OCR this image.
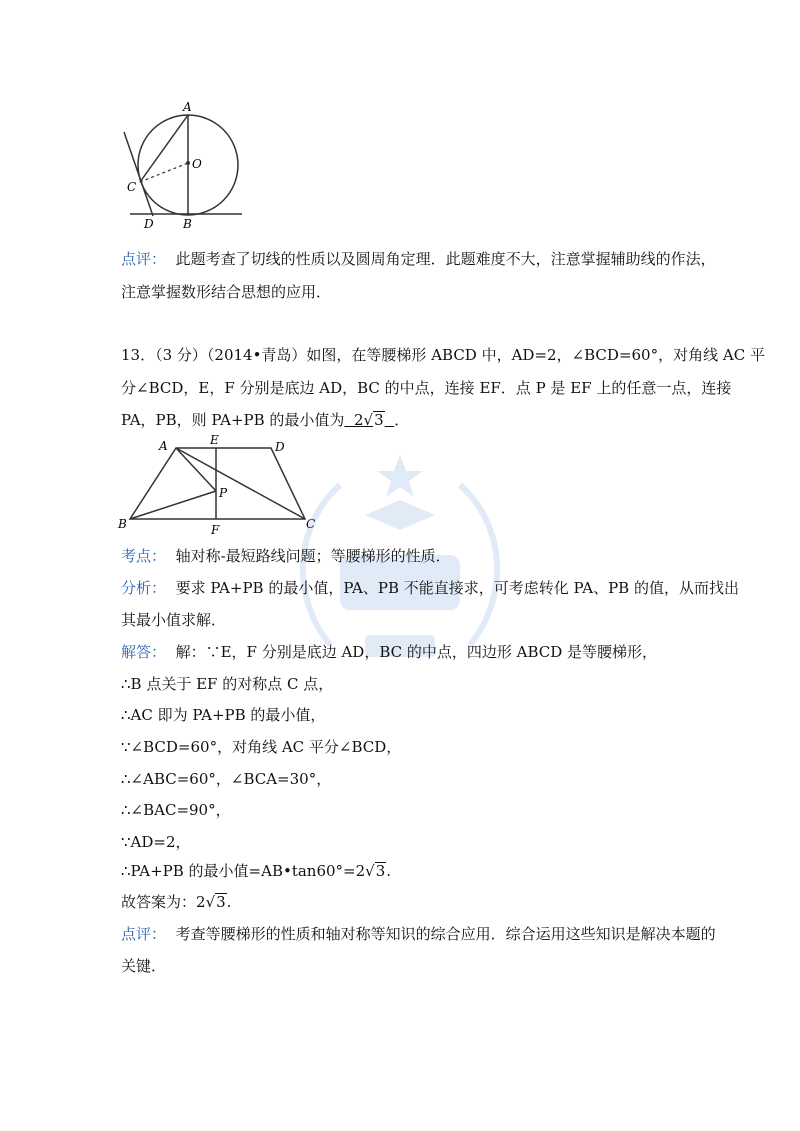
A
O
C
D B
点评： 此题考查了切线的性质以及圆周角定理．此题难度不大，注意掌握辅助线的作法，
注意掌握数形结合思想的应用．
13．（3 分）（2014•青岛）如图，在等腰梯形 ABCD 中，AD=2，∠BCD=60°，对角线 AC 平
分∠BCD，E，F 分别是底边 AD，BC 的中点，连接 EF．点 P 是 EF 上的任意一点，连接
PA，PB，则 PA+PB 的最小值为 2√3 ．
A	E	D
P
B	F	C
考点： 轴对称-最短路线问题；等腰梯形的性质．
分析： 要求 PA+PB 的最小值，PA、PB 不能直接求，可考虑转化 PA、PB 的值，从而找出
其最小值求解．
解答： 解：∵E，F 分别是底边 AD，BC 的中点，四边形 ABCD 是等腰梯形，
∴B 点关于 EF 的对称点 C 点，
∴AC 即为 PA+PB 的最小值，
∵∠BCD=60°，对角线 AC 平分∠BCD，
∴∠ABC=60°，∠BCA=30°，
∴∠BAC=90°，
∵AD=2，
∴PA+PB 的最小值=AB•tan60°=2√3.
故答案为：2√3.
点评： 考查等腰梯形的性质和轴对称等知识的综合应用．综合运用这些知识是解决本题的
关键．
